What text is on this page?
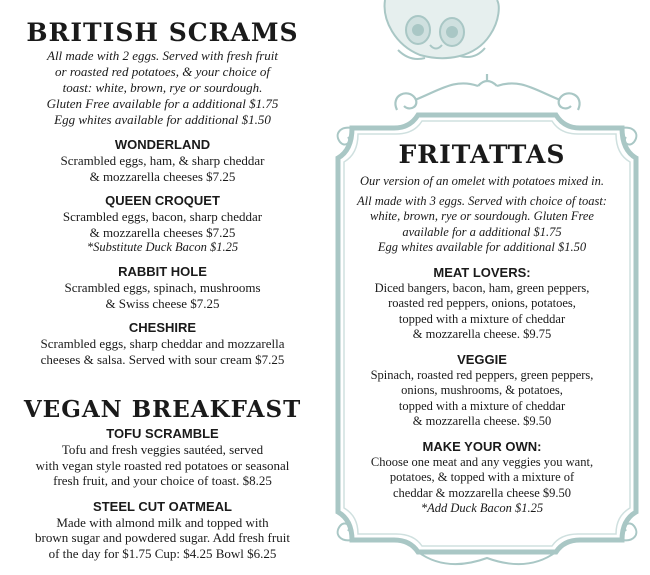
BRITISH SCRAMS

All made with 2 eggs. Served with fresh fruit

or roasted red potatoes, & your choice of

toast: white, brown, rye or sourdough.

Gluten Free available for a additional $1.75

Egg whites available for additional $1.50

WONDERLAND

Scrambled eggs, ham, & sharp cheddar

& mozzarella cheeses $7.25

QUEEN CROQUET

Scrambled eggs, bacon, sharp cheddar

& mozzarella cheeses $7.25

*Substitute Duck Bacon $1.25

RABBIT HOLE

Scrambled eggs, spinach, mushrooms

& Swiss cheese $7.25

CHESHIRE

Scrambled eggs, sharp cheddar and mozzarella

cheeses & salsa. Served with sour cream $7.25

VEGAN BREAKFAST

TOFU SCRAMBLE

Tofu and fresh veggies sautéed, served

with vegan style roasted red potatoes or seasonal

fresh fruit, and your choice of toast. $8.25

STEEL CUT OATMEAL

Made with almond milk and topped with

brown sugar and powdered sugar. Add fresh fruit

of the day for $1.75 Cup: $4.25 Bowl $6.25

FRITATTAS

Our version of an omelet with potatoes mixed in.

All made with 3 eggs. Served with choice of toast:

white, brown, rye or sourdough. Gluten Free

available for a additional $1.75

Egg whites available for additional $1.50

MEAT LOVERS:

Diced bangers, bacon, ham, green peppers,

roasted red peppers, onions, potatoes,

topped with a mixture of cheddar

& mozzarella cheese. $9.75

VEGGIE

Spinach, roasted red peppers, green peppers,

onions, mushrooms, & potatoes,

topped with a mixture of cheddar

& mozzarella cheese. $9.50

MAKE YOUR OWN:

Choose one meat and any veggies you want,

potatoes, & topped with a mixture of

cheddar & mozzarella cheese $9.50

*Add Duck Bacon $1.25
